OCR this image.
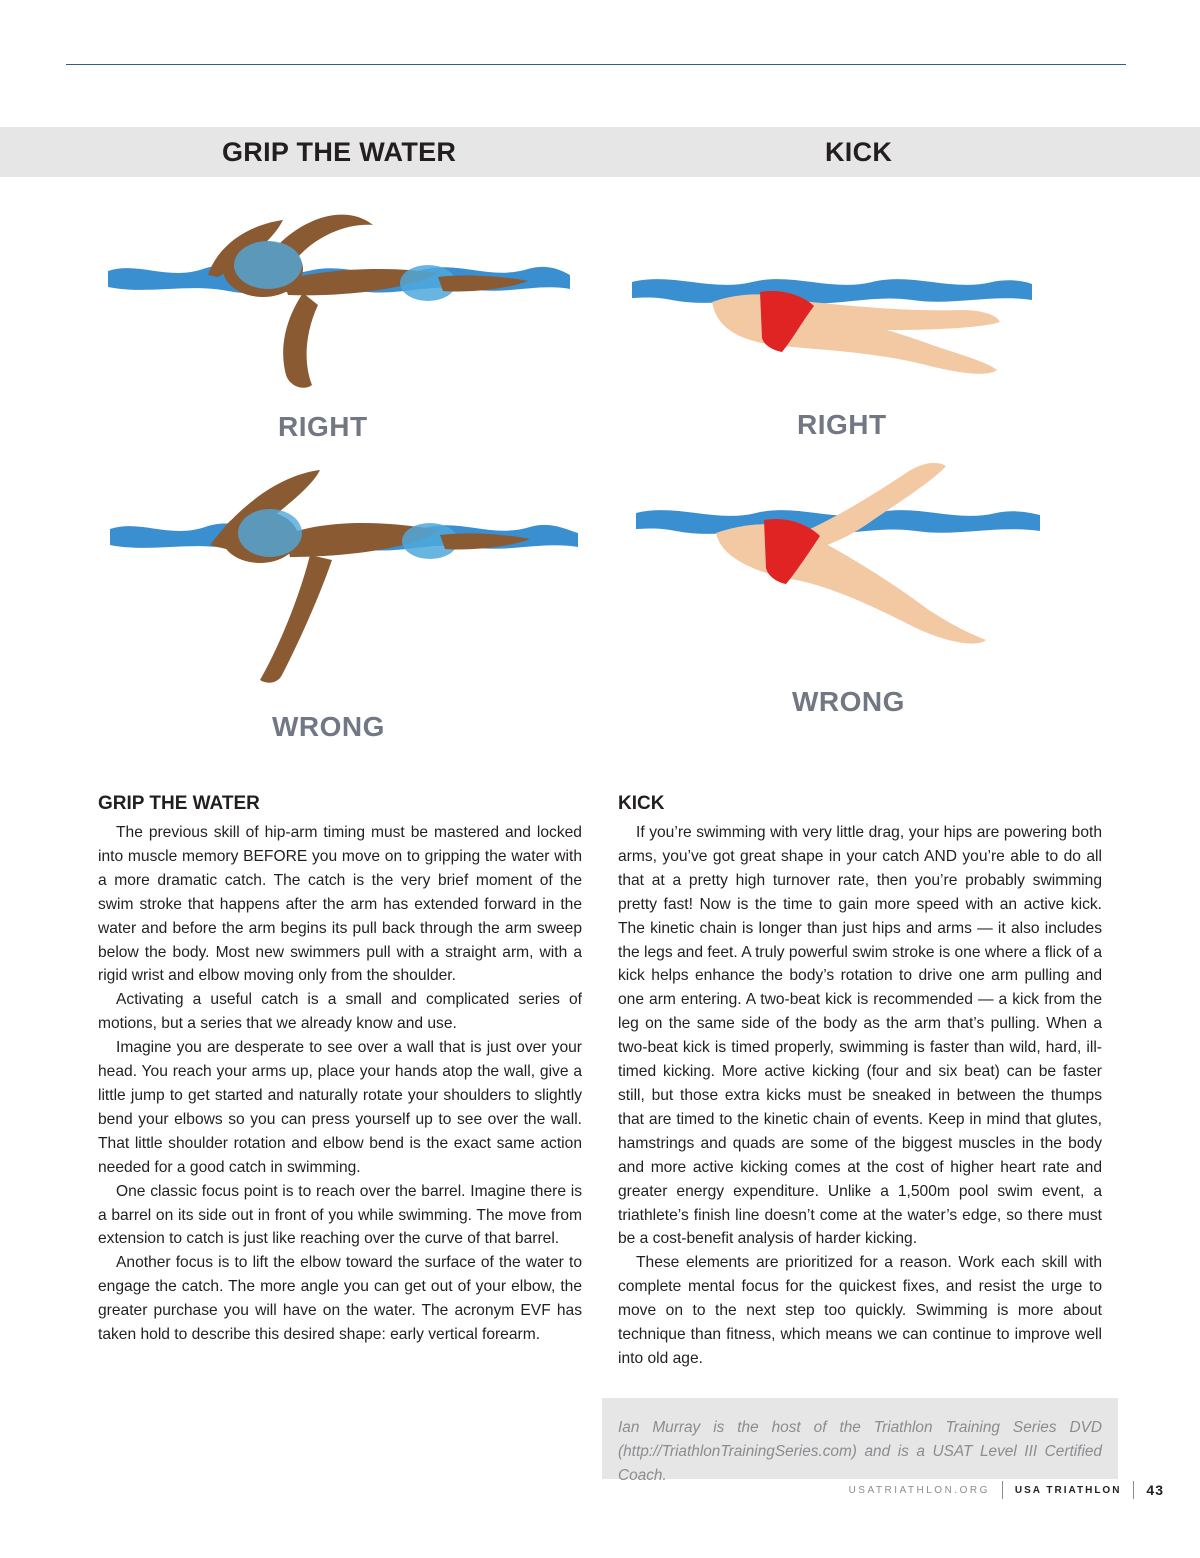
GRIP THE WATER	KICK
RIGHT
WRONG
RIGHT
WRONG
GRIP THE WATER

The previous skill of hip-arm timing must be mastered and locked into muscle memory BEFORE you move on to gripping the water with a more dramatic catch. The catch is the very brief moment of the swim stroke that happens after the arm has extended forward in the water and before the arm begins its pull back through the arm sweep below the body. Most new swimmers pull with a straight arm, with a rigid wrist and elbow moving only from the shoulder.

Activating a useful catch is a small and complicated series of motions, but a series that we already know and use.

Imagine you are desperate to see over a wall that is just over your head. You reach your arms up, place your hands atop the wall, give a little jump to get started and naturally rotate your shoulders to slightly bend your elbows so you can press yourself up to see over the wall. That little shoulder rotation and elbow bend is the exact same action needed for a good catch in swimming.

One classic focus point is to reach over the barrel. Imagine there is a barrel on its side out in front of you while swimming. The move from extension to catch is just like reaching over the curve of that barrel.

Another focus is to lift the elbow toward the surface of the water to engage the catch. The more angle you can get out of your elbow, the greater purchase you will have on the water. The acronym EVF has taken hold to describe this desired shape: early vertical forearm.

KICK

If you’re swimming with very little drag, your hips are powering both arms, you’ve got great shape in your catch AND you’re able to do all that at a pretty high turnover rate, then you’re probably swimming pretty fast! Now is the time to gain more speed with an active kick. The kinetic chain is longer than just hips and arms — it also includes the legs and feet. A truly powerful swim stroke is one where a flick of a kick helps enhance the body’s rotation to drive one arm pulling and one arm entering. A two-beat kick is recommended — a kick from the leg on the same side of the body as the arm that’s pulling. When a two-beat kick is timed properly, swimming is faster than wild, hard, ill-timed kicking. More active kicking (four and six beat) can be faster still, but those extra kicks must be sneaked in between the thumps that are timed to the kinetic chain of events. Keep in mind that glutes, hamstrings and quads are some of the biggest muscles in the body and more active kicking comes at the cost of higher heart rate and greater energy expenditure. Unlike a 1,500m pool swim event, a triathlete’s finish line doesn’t come at the water’s edge, so there must be a cost-benefit analysis of harder kicking.

These elements are prioritized for a reason. Work each skill with complete mental focus for the quickest fixes, and resist the urge to move on to the next step too quickly. Swimming is more about technique than fitness, which means we can continue to improve well into old age.

Ian Murray is the host of the Triathlon Training Series DVD (http://TriathlonTrainingSeries.com) and is a USAT Level III Certified Coach.

USATRIATHLON.ORG	USA TRIATHLON 43
